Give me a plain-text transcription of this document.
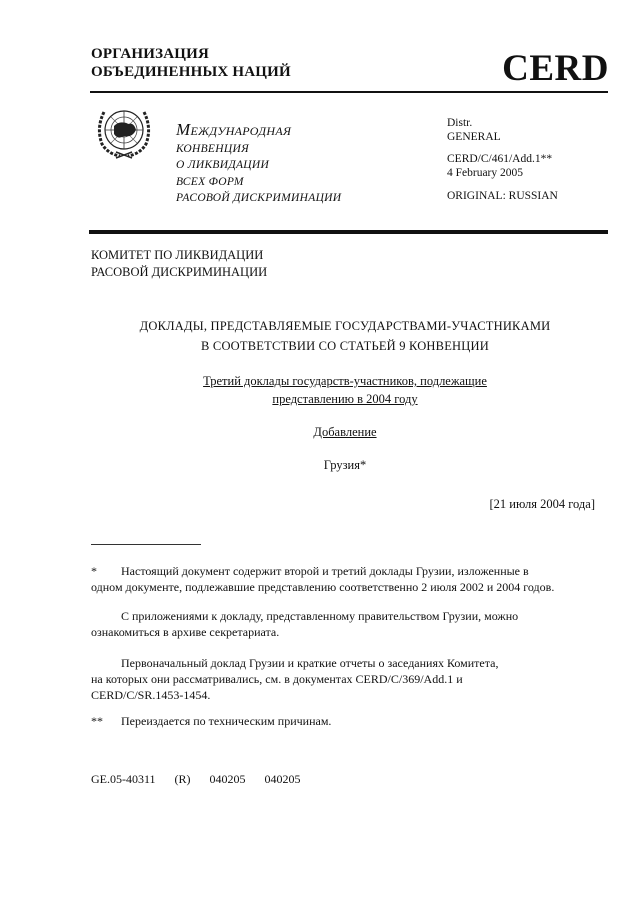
ОРГАНИЗАЦИЯ
ОБЪЕДИНЕННЫХ НАЦИЙ	CERD
МЕЖДУНАРОДНАЯ
КОНВЕНЦИЯ
О ЛИКВИДАЦИИ
ВСЕХ ФОРМ
РАСОВОЙ ДИСКРИМИНАЦИИ
Distr.
GENERAL
CERD/C/461/Add.1**
4 February 2005
ORIGINAL: RUSSIAN
КОМИТЕТ ПО ЛИКВИДАЦИИ
РАСОВОЙ ДИСКРИМИНАЦИИ
ДОКЛАДЫ, ПРЕДСТАВЛЯЕМЫЕ ГОСУДАРСТВАМИ-УЧАСТНИКАМИ
В СООТВЕТСТВИИ СО СТАТЬЕЙ 9 КОНВЕНЦИИ
Третий доклады государств-участников, подлежащие
представлению в 2004 году
Добавление
Грузия*
[21 июля 2004 года]
* Настоящий документ содержит второй и третий доклады Грузии, изложенные в
одном документе, подлежавшие представлению соответственно 2 июля 2002 и 2004 годов.
С приложениями к докладу, представленному правительством Грузии, можно
ознакомиться в архиве секретариата.
Первоначальный доклад Грузии и краткие отчеты о заседаниях Комитета,
на которых они рассматривались, см. в документах CERD/C/369/Add.1 и
CERD/C/SR.1453-1454.
** Переиздается по техническим причинам.
GE.05-40311 (R) 040205 040205
